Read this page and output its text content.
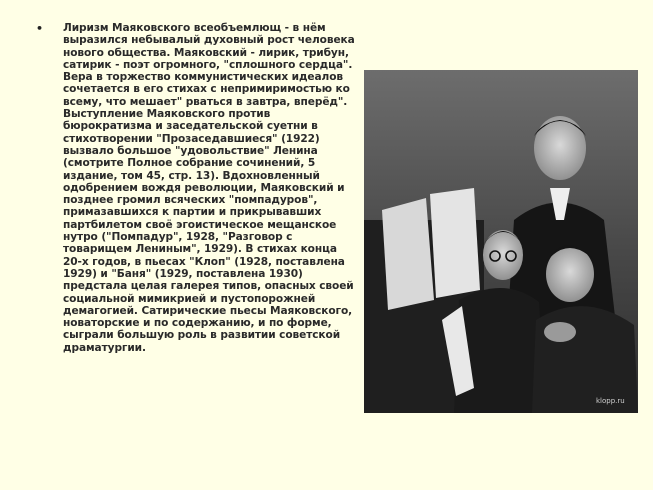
• Лиризм Маяковского всеобъемлющ - в нём выразился небывалый духовный рост человека нового общества. Маяковский - лирик, трибун, сатирик - поэт огромного, "сплошного сердца". Вера в торжество коммунистических идеалов сочетается в его стихах с непримиримостью ко всему, что мешает" рваться в завтра, вперёд". Выступление Маяковского против бюрократизма и заседательской суетни в стихотворении "Прозаседавшиеся" (1922) вызвало большое "удовольствие" Ленина (смотрите Полное собрание сочинений, 5 издание, том 45, стр. 13). Вдохновленный одобрением вождя революции, Маяковский и позднее громил всяческих "помпадуров", примазавшихся к партии и прикрывавших партбилетом своё эгоистическое мещанское нутро ("Помпадур", 1928, "Разговор с товарищем Лениным", 1929). В стихах конца 20-х годов, в пьесах "Клоп" (1928, поставлена 1929) и "Баня" (1929, поставлена 1930) предстала целая галерея типов, опасных своей социальной мимикрией и пустопорожней демагогией. Сатирические пьесы Маяковского, новаторские и по содержанию, и по форме, сыграли большую роль в развитии советской драматургии.
klopp.ru
